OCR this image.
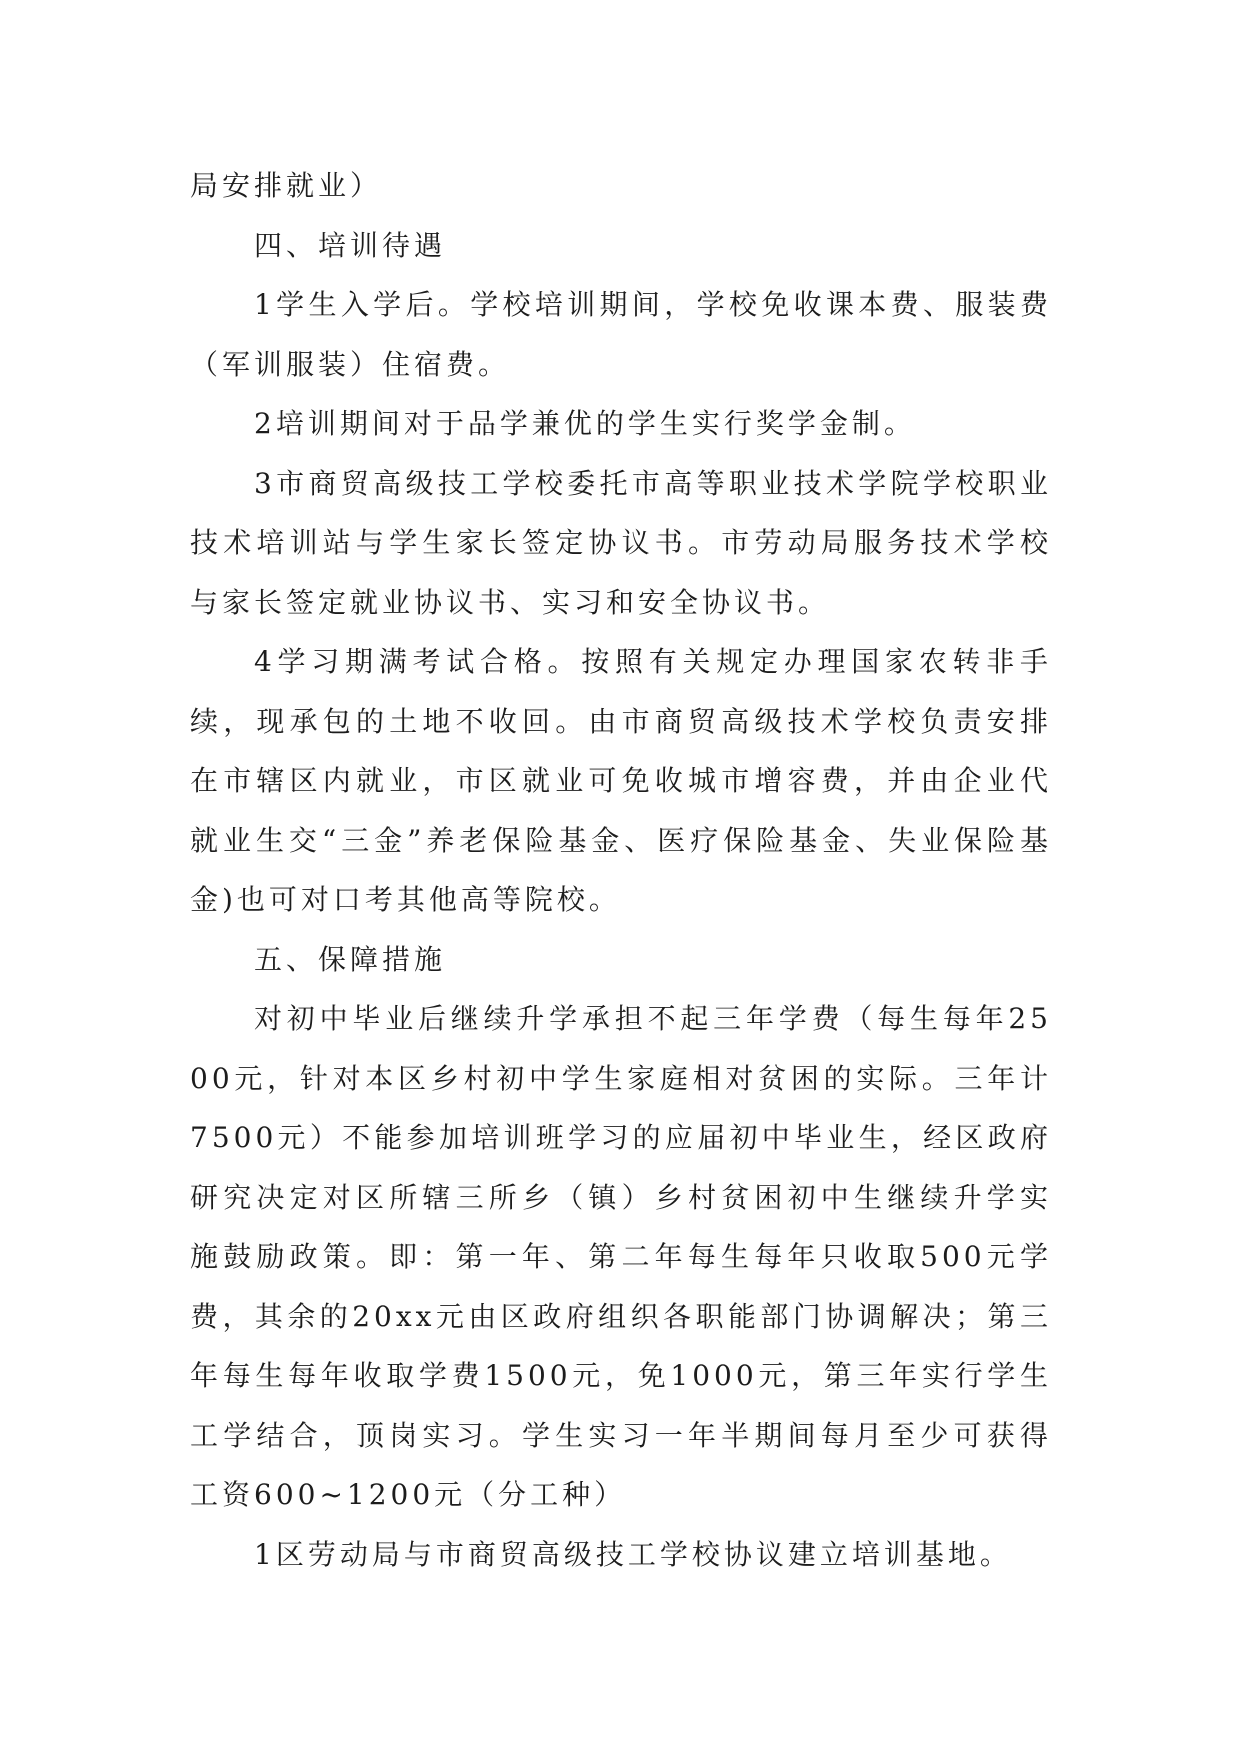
局安排就业）

四、培训待遇

1学生入学后。学校培训期间，学校免收课本费、服装费（军训服装）住宿费。

2培训期间对于品学兼优的学生实行奖学金制。

3市商贸高级技工学校委托市高等职业技术学院学校职业技术培训站与学生家长签定协议书。市劳动局服务技术学校与家长签定就业协议书、实习和安全协议书。

4学习期满考试合格。按照有关规定办理国家农转非手续，现承包的土地不收回。由市商贸高级技术学校负责安排在市辖区内就业，市区就业可免收城市增容费，并由企业代就业生交“三金”养老保险基金、医疗保险基金、失业保险基金)也可对口考其他高等院校。

五、保障措施

对初中毕业后继续升学承担不起三年学费（每生每年2500元，针对本区乡村初中学生家庭相对贫困的实际。三年计7500元）不能参加培训班学习的应届初中毕业生，经区政府研究决定对区所辖三所乡（镇）乡村贫困初中生继续升学实施鼓励政策。即：第一年、第二年每生每年只收取500元学费，其余的20xx元由区政府组织各职能部门协调解决；第三年每生每年收取学费1500元，免1000元，第三年实行学生工学结合，顶岗实习。学生实习一年半期间每月至少可获得工资600~1200元（分工种）

1区劳动局与市商贸高级技工学校协议建立培训基地。
